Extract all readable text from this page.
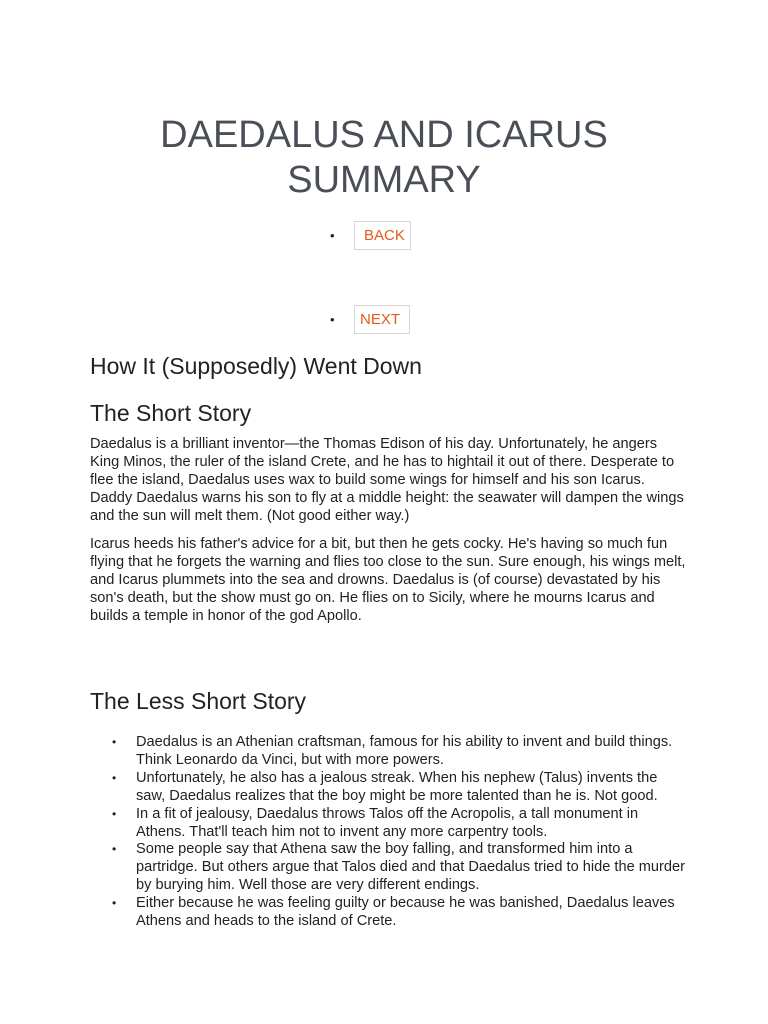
DAEDALUS AND ICARUS
SUMMARY
•	BACK
•	NEXT
How It (Supposedly) Went Down
The Short Story

Daedalus is a brilliant inventor—the Thomas Edison of his day. Unfortunately, he angers King Minos, the ruler of the island Crete, and he has to hightail it out of there. Desperate to flee the island, Daedalus uses wax to build some wings for himself and his son Icarus. Daddy Daedalus warns his son to fly at a middle height: the seawater will dampen the wings and the sun will melt them. (Not good either way.)

Icarus heeds his father's advice for a bit, but then he gets cocky. He's having so much fun flying that he forgets the warning and flies too close to the sun. Sure enough, his wings melt, and Icarus plummets into the sea and drowns. Daedalus is (of course) devastated by his son's death, but the show must go on. He flies on to Sicily, where he mourns Icarus and builds a temple in honor of the god Apollo.

The Less Short Story
• Daedalus is an Athenian craftsman, famous for his ability to invent and build things. Think Leonardo da Vinci, but with more powers.
• Unfortunately, he also has a jealous streak. When his nephew (Talus) invents the saw, Daedalus realizes that the boy might be more talented than he is. Not good.
• In a fit of jealousy, Daedalus throws Talos off the Acropolis, a tall monument in Athens. That'll teach him not to invent any more carpentry tools.
• Some people say that Athena saw the boy falling, and transformed him into a partridge. But others argue that Talos died and that Daedalus tried to hide the murder by burying him. Well those are very different endings.
• Either because he was feeling guilty or because he was banished, Daedalus leaves Athens and heads to the island of Crete.
